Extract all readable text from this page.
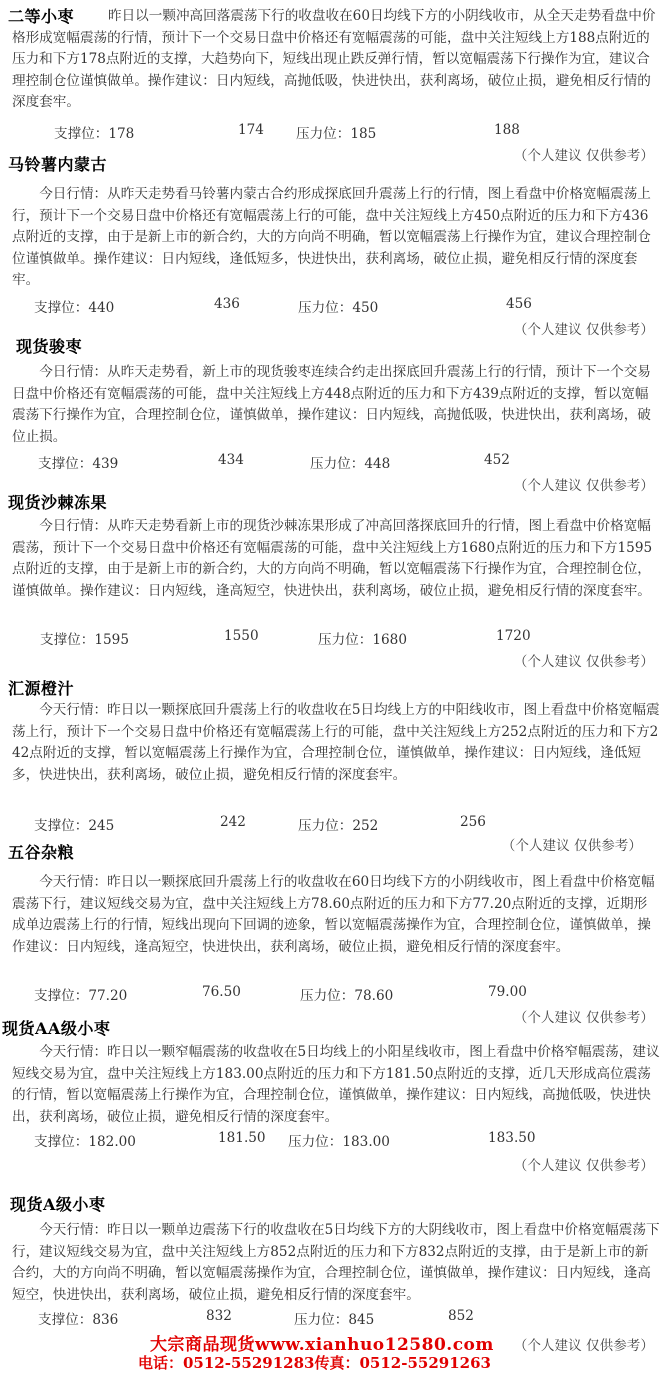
二等小枣	昨日以一颗冲高回落震荡下行的收盘收在60日均线下方的小阴线收市，从全天走势看盘中价格形成宽幅震荡的行情，预计下一个交易日盘中价格还有宽幅震荡的可能，盘中关注短线上方188点附近的压力和下方178点附近的支撑，大趋势向下，短线出现止跌反弹行情，暂以宽幅震荡下行操作为宜，建议合理控制仓位谨慎做单。操作建议：日内短线，高抛低吸，快进快出，获利离场，破位止损，避免相反行情的深度套牢。
支撑位：178	174 压力位：185	188
（个人建议 仅供参考）
马铃薯内蒙古
今日行情：从昨天走势看马铃薯内蒙古合约形成探底回升震荡上行的行情，图上看盘中价格宽幅震荡上行，预计下一个交易日盘中价格还有宽幅震荡上行的可能，盘中关注短线上方450点附近的压力和下方436点附近的支撑，由于是新上市的新合约，大的方向尚不明确，暂以宽幅震荡上行操作为宜，建议合理控制仓位谨慎做单。操作建议：日内短线，逢低短多，快进快出，获利离场，破位止损，避免相反行情的深度套牢。
支撑位：440	436	压力位：450	456
（个人建议 仅供参考）
现货骏枣
今日行情：从昨天走势看，新上市的现货骏枣连续合约走出探底回升震荡上行的行情，预计下一个交易日盘中价格还有宽幅震荡的可能，盘中关注短线上方448点附近的压力和下方439点附近的支撑，暂以宽幅震荡下行操作为宜，合理控制仓位，谨慎做单，操作建议：日内短线，高抛低吸，快进快出，获利离场，破位止损。
支撑位：439	434	压力位：448	452
（个人建议 仅供参考）
现货沙棘冻果
今日行情：从昨天走势看新上市的现货沙棘冻果形成了冲高回落探底回升的行情，图上看盘中价格宽幅震荡，预计下一个交易日盘中价格还有宽幅震荡的可能，盘中关注短线上方1680点附近的压力和下方1595点附近的支撑，由于是新上市的新合约，大的方向尚不明确，暂以宽幅震荡下行操作为宜，合理控制仓位，谨慎做单。操作建议：日内短线，逢高短空，快进快出，获利离场，破位止损，避免相反行情的深度套牢。
支撑位：1595	1550	压力位：1680	1720
（个人建议 仅供参考）
汇源橙汁
今天行情：昨日以一颗探底回升震荡上行的收盘收在5日均线上方的中阳线收市，图上看盘中价格宽幅震荡上行，预计下一个交易日盘中价格还有宽幅震荡上行的可能，盘中关注短线上方252点附近的压力和下方242点附近的支撑，暂以宽幅震荡上行操作为宜，合理控制仓位，谨慎做单，操作建议：日内短线，逢低短多，快进快出，获利离场，破位止损，避免相反行情的深度套牢。
支撑位：245	242	压力位：252	256
（个人建议 仅供参考）
五谷杂粮
今天行情：昨日以一颗探底回升震荡上行的收盘收在60日均线下方的小阴线收市，图上看盘中价格宽幅震荡下行，建议短线交易为宜，盘中关注短线上方78.60点附近的压力和下方77.20点附近的支撑，近期形成单边震荡上行的行情，短线出现向下回调的迹象，暂以宽幅震荡操作为宜，合理控制仓位，谨慎做单，操作建议：日内短线，逢高短空，快进快出，获利离场，破位止损，避免相反行情的深度套牢。
支撑位：77.20	76.50	压力位：78.60	79.00
（个人建议 仅供参考）
现货AA级小枣
今天行情：昨日以一颗窄幅震荡的收盘收在5日均线上的小阳星线收市，图上看盘中价格窄幅震荡，建议短线交易为宜，盘中关注短线上方183.00点附近的压力和下方181.50点附近的支撑，近几天形成高位震荡的行情，暂以宽幅震荡上行操作为宜，合理控制仓位，谨慎做单，操作建议：日内短线，高抛低吸，快进快出，获利离场，破位止损，避免相反行情的深度套牢。
支撑位：182.00	181.50 压力位：183.00	183.50
（个人建议 仅供参考）
现货A级小枣
今天行情：昨日以一颗单边震荡下行的收盘收在5日均线下方的大阴线收市，图上看盘中价格宽幅震荡下行，建议短线交易为宜，盘中关注短线上方852点附近的压力和下方832点附近的支撑，由于是新上市的新合约，大的方向尚不明确，暂以宽幅震荡操作为宜，合理控制仓位，谨慎做单，操作建议：日内短线，逢高短空，快进快出，获利离场，破位止损，避免相反行情的深度套牢。
支撑位：836	832	压力位：845	852
大宗商品现货www.xianhuo12580.com
电话：0512-55291283传真：0512-55291263
（个人建议 仅供参考）
